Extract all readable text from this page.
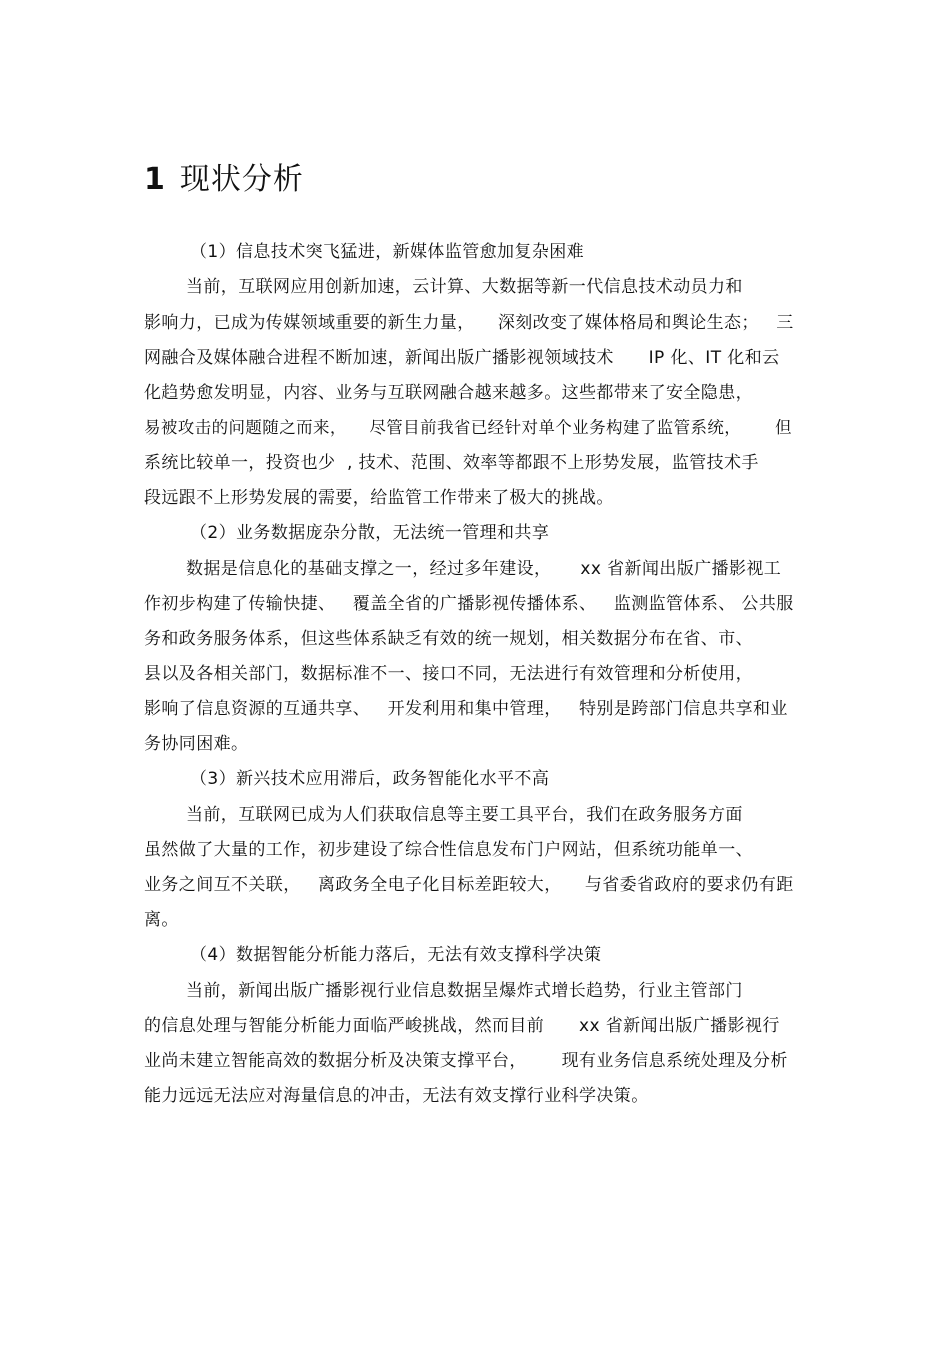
1 现状分析
（1）信息技术突飞猛进，新媒体监管愈加复杂困难
当前，互联网应用创新加速，云计算、大数据等新一代信息技术动员力和
影响力，已成为传媒领域重要的新生力量，    深刻改变了媒体格局和舆论生态；   三
网融合及媒体融合进程不断加速，新闻出版广播影视领域技术      IP 化、IT 化和云
化趋势愈发明显，内容、业务与互联网融合越来越多。这些都带来了安全隐患，
易被攻击的问题随之而来，    尽管目前我省已经针对单个业务构建了监管系统，      但
系统比较单一，投资也少  , 技术、范围、效率等都跟不上形势发展，监管技术手
段远跟不上形势发展的需要，给监管工作带来了极大的挑战。
（2）业务数据庞杂分散，无法统一管理和共享
数据是信息化的基础支撑之一，经过多年建设，     xx 省新闻出版广播影视工
作初步构建了传输快捷、   覆盖全省的广播影视传播体系、   监测监管体系、 公共服
务和政务服务体系，但这些体系缺乏有效的统一规划，相关数据分布在省、市、
县以及各相关部门，数据标准不一、接口不同，无法进行有效管理和分析使用，
影响了信息资源的互通共享、   开发利用和集中管理，   特别是跨部门信息共享和业
务协同困难。
（3）新兴技术应用滞后，政务智能化水平不高
当前，互联网已成为人们获取信息等主要工具平台，我们在政务服务方面
虽然做了大量的工作，初步建设了综合性信息发布门户网站，但系统功能单一、
业务之间互不关联，   离政务全电子化目标差距较大，    与省委省政府的要求仍有距
离。
（4）数据智能分析能力落后，无法有效支撑科学决策
当前，新闻出版广播影视行业信息数据呈爆炸式增长趋势，行业主管部门
的信息处理与智能分析能力面临严峻挑战，然而目前      xx 省新闻出版广播影视行
业尚未建立智能高效的数据分析及决策支撑平台，      现有业务信息系统处理及分析
能力远远无法应对海量信息的冲击，无法有效支撑行业科学决策。
